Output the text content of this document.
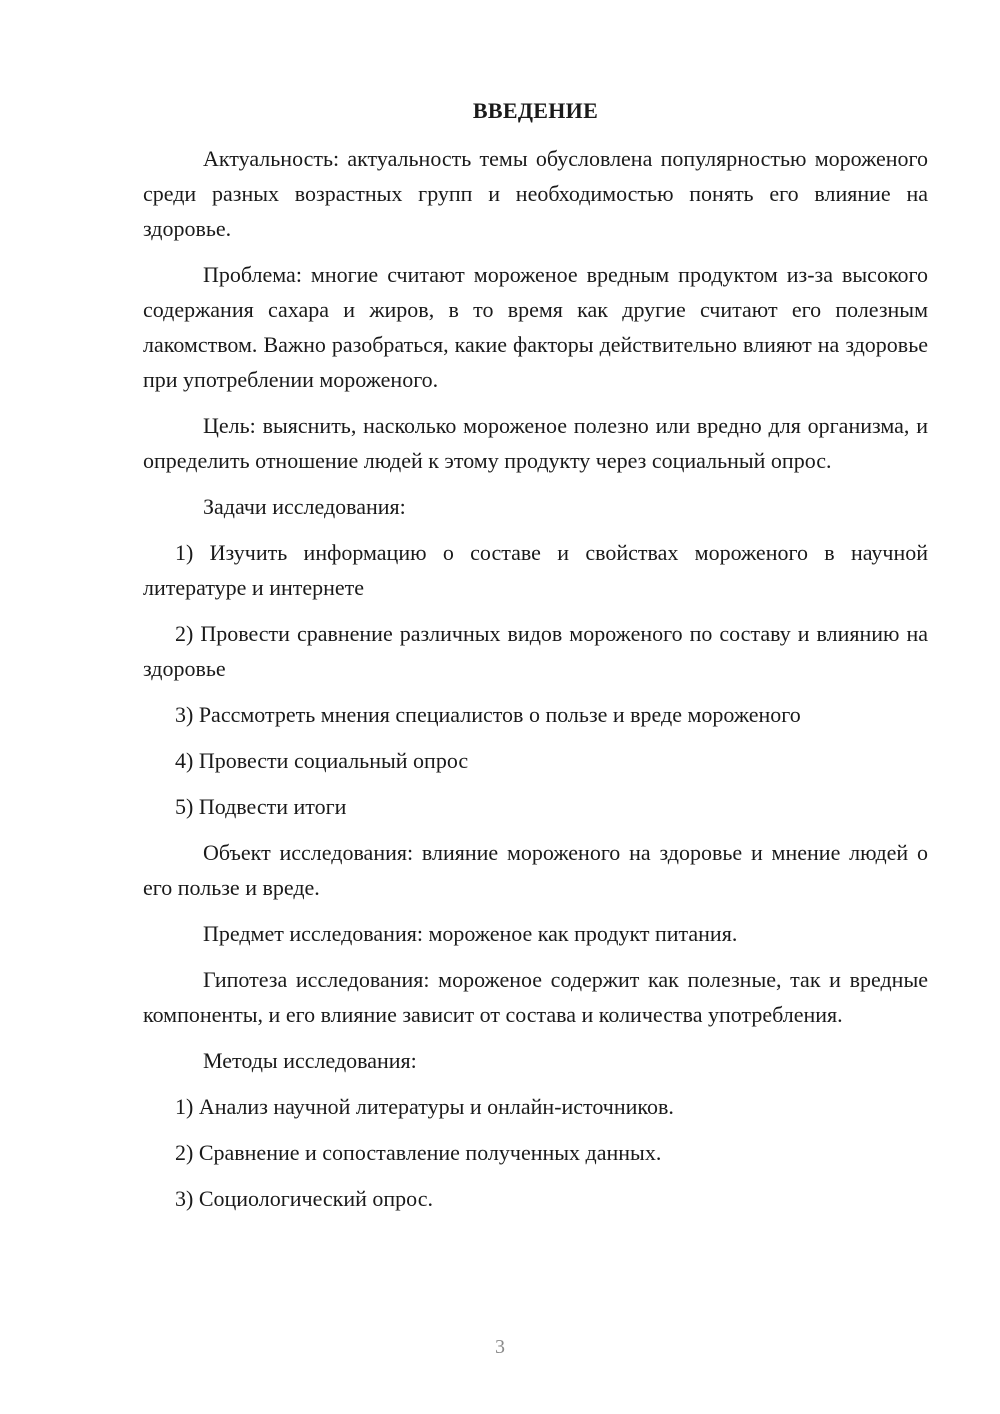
ВВЕДЕНИЕ

Актуальность: актуальность темы обусловлена популярностью мороженого среди разных возрастных групп и необходимостью понять его влияние на здоровье.

Проблема: многие считают мороженое вредным продуктом из-за высокого содержания сахара и жиров, в то время как другие считают его полезным лакомством. Важно разобраться, какие факторы действительно влияют на здоровье при употреблении мороженого.

Цель: выяснить, насколько мороженое полезно или вредно для организма, и определить отношение людей к этому продукту через социальный опрос.

Задачи исследования:

1) Изучить информацию о составе и свойствах мороженого в научной литературе и интернете

2) Провести сравнение различных видов мороженого по составу и влиянию на здоровье

3) Рассмотреть мнения специалистов о пользе и вреде мороженого

4) Провести социальный опрос

5) Подвести итоги

Объект исследования: влияние мороженого на здоровье и мнение людей о его пользе и вреде.

Предмет исследования: мороженое как продукт питания.

Гипотеза исследования: мороженое содержит как полезные, так и вредные компоненты, и его влияние зависит от состава и количества употребления.

Методы исследования:

1) Анализ научной литературы и онлайн-источников.

2) Сравнение и сопоставление полученных данных.

3) Социологический опрос.

3
